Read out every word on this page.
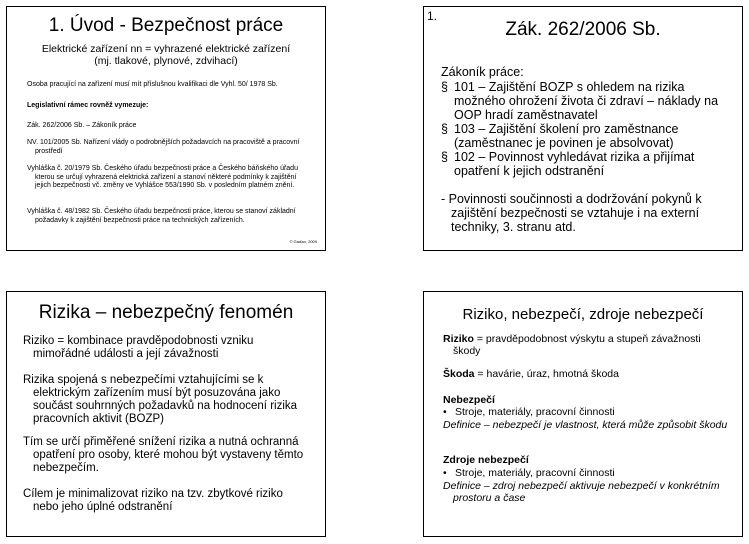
1. Úvod - Bezpečnost práce
Elektrické zařízení nn = vyhrazené elektrické zařízení
(mj. tlakové, plynové, zdvihací)
Osoba pracující na zařízení musí mít příslušnou kvalifikaci dle Vyhl. 50/ 1978 Sb.
Legislativní rámec rovněž vymezuje:
Zák. 262/2006 Sb. – Zákoník práce
NV. 101/2005 Sb. Nařízení vlády o podrobnějších požadavcích na pracoviště a pracovní prostředí
Vyhláška č. 20/1979 Sb. Českého úřadu bezpečnosti práce a Českého báňského úřadu kterou se určují vyhrazená elektrická zařízení a stanoví některé podmínky k zajištění jejich bezpečnosti vč. změny ve Vyhlášce 553/1990 Sb. v posledním platném znění.
Vyhláška č. 48/1982 Sb. Českého úřadu bezpečnosti práce, kterou se stanoví základní požadavky k zajištění bezpečnosti práce na technických zařízeních.
© Gaďan, 2009
1.
Zák. 262/2006 Sb.
Zákoník práce:
§ 101 – Zajištění BOZP s ohledem na rizika možného ohrožení života či zdraví – náklady na OOP hradí zaměstnavatel
§ 103 – Zajištění školení pro zaměstnance (zaměstnanec je povinen je absolvovat)
§ 102 – Povinnost vyhledávat rizika a přijímat opatření k jejich odstranění
- Povinnosti součinnosti a dodržování pokynů k zajištění bezpečnosti se vztahuje i na externí techniky, 3. stranu atd.
Rizika – nebezpečný fenomén
Riziko = kombinace pravděpodobnosti vzniku mimořádné události a její závažnosti
Rizika spojená s nebezpečími vztahujícími se k elektrickým zařízením musí být posuzována jako součást souhrnných požadavků na hodnocení rizika pracovních aktivit (BOZP)
Tím se určí přiměřené snížení rizika a nutná ochranná opatření pro osoby, které mohou být vystaveny těmto nebezpečím.
Cílem je minimalizovat riziko na tzv. zbytkové riziko nebo jeho úplné odstranění
Riziko, nebezpečí, zdroje nebezpečí
Riziko = pravděpodobnost výskytu a stupeň závažnosti škody
Škoda = havárie, úraz, hmotná škoda
Nebezpečí
• Stroje, materiály, pracovní činnosti
Definice – nebezpečí je vlastnost, která může způsobit škodu
Zdroje nebezpečí
• Stroje, materiály, pracovní činnosti
Definice – zdroj nebezpečí aktivuje nebezpečí v konkrétním prostoru a čase
